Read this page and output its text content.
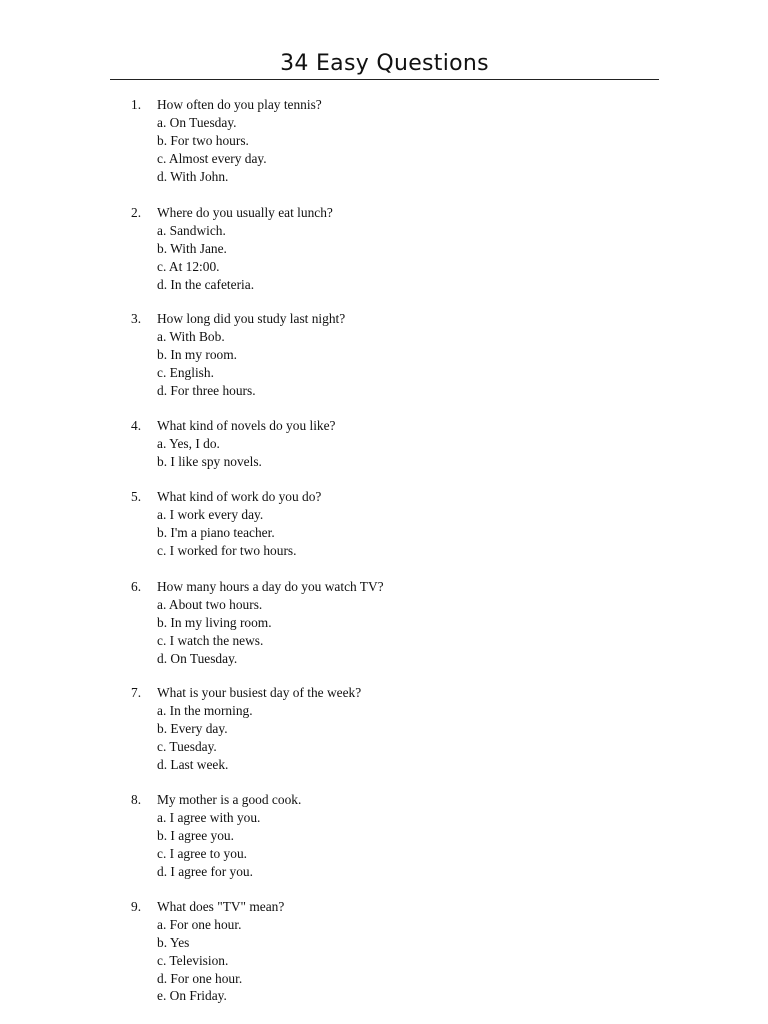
34 Easy Questions
1. How often do you play tennis?
a. On Tuesday.
b. For two hours.
c. Almost every day.
d. With John.
2. Where do you usually eat lunch?
a. Sandwich.
b. With Jane.
c. At 12:00.
d. In the cafeteria.
3. How long did you study last night?
a. With Bob.
b. In my room.
c. English.
d. For three hours.
4. What kind of novels do you like?
a. Yes, I do.
b. I like spy novels.
5. What kind of work do you do?
a. I work every day.
b. I'm a piano teacher.
c. I worked for two hours.
6. How many hours a day do you watch TV?
a. About two hours.
b. In my living room.
c. I watch the news.
d. On Tuesday.
7. What is your busiest day of the week?
a. In the morning.
b. Every day.
c. Tuesday.
d. Last week.
8. My mother is a good cook.
a. I agree with you.
b. I agree you.
c. I agree to you.
d. I agree for you.
9. What does "TV" mean?
a. For one hour.
b. Yes
c. Television.
d. For one hour.
e. On Friday.
